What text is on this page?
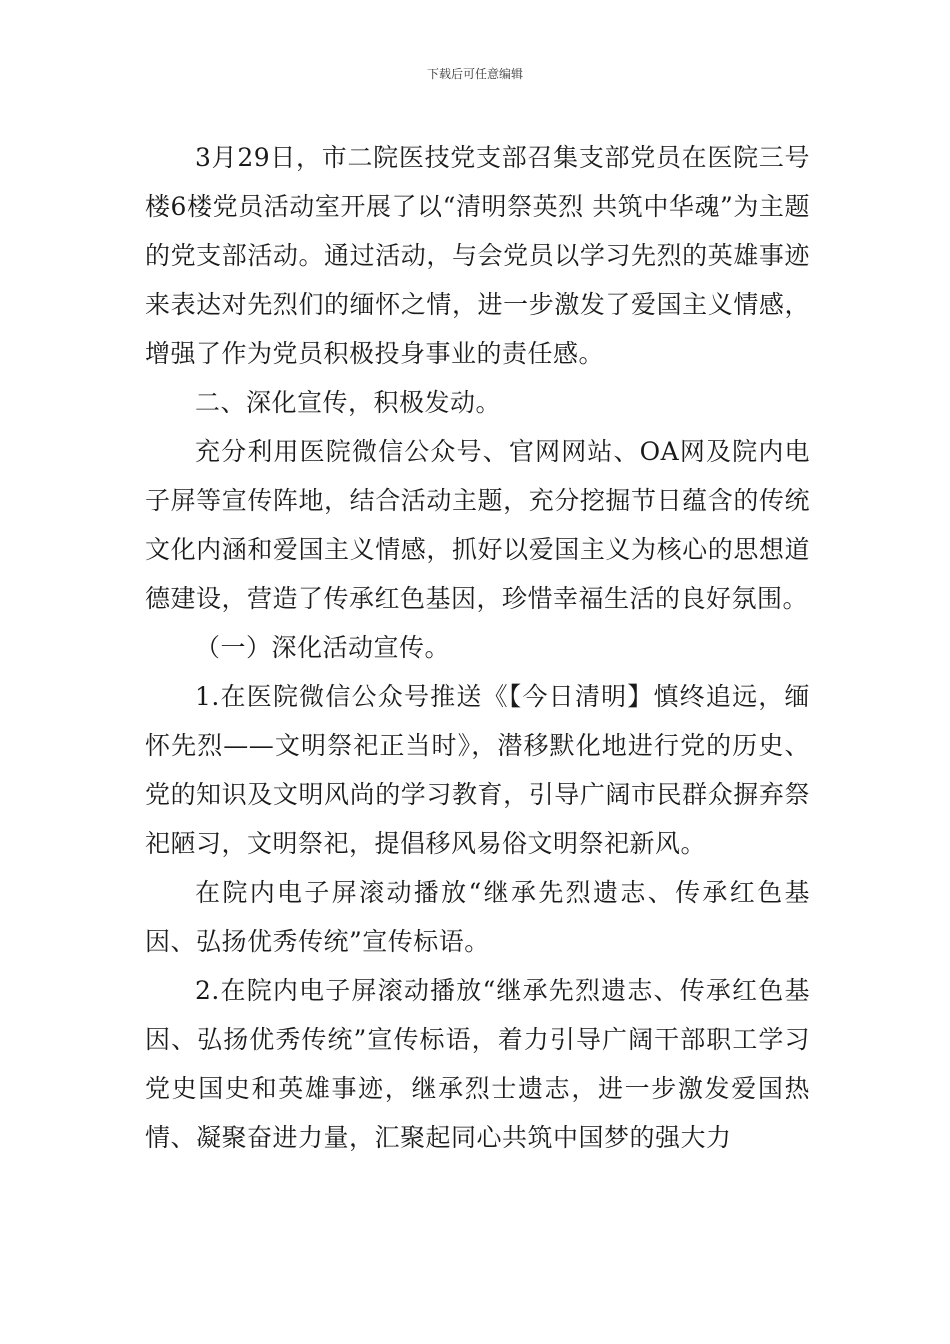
下载后可任意编辑

3月29日，市二院医技党支部召集支部党员在医院三号楼6楼党员活动室开展了以“清明祭英烈 共筑中华魂”为主题的党支部活动。通过活动，与会党员以学习先烈的英雄事迹来表达对先烈们的缅怀之情，进一步激发了爱国主义情感，增强了作为党员积极投身事业的责任感。

二、深化宣传，积极发动。

充分利用医院微信公众号、官网网站、OA网及院内电子屏等宣传阵地，结合活动主题，充分挖掘节日蕴含的传统文化内涵和爱国主义情感，抓好以爱国主义为核心的思想道德建设，营造了传承红色基因，珍惜幸福生活的良好氛围。

（一）深化活动宣传。

1.在医院微信公众号推送《【今日清明】慎终追远，缅怀先烈——文明祭祀正当时》，潜移默化地进行党的历史、党的知识及文明风尚的学习教育，引导广阔市民群众摒弃祭祀陋习，文明祭祀，提倡移风易俗文明祭祀新风。

在院内电子屏滚动播放“继承先烈遗志、传承红色基因、弘扬优秀传统”宣传标语。

2.在院内电子屏滚动播放“继承先烈遗志、传承红色基因、弘扬优秀传统”宣传标语，着力引导广阔干部职工学习党史国史和英雄事迹，继承烈士遗志，进一步激发爱国热情、凝聚奋进力量，汇聚起同心共筑中国梦的强大力
